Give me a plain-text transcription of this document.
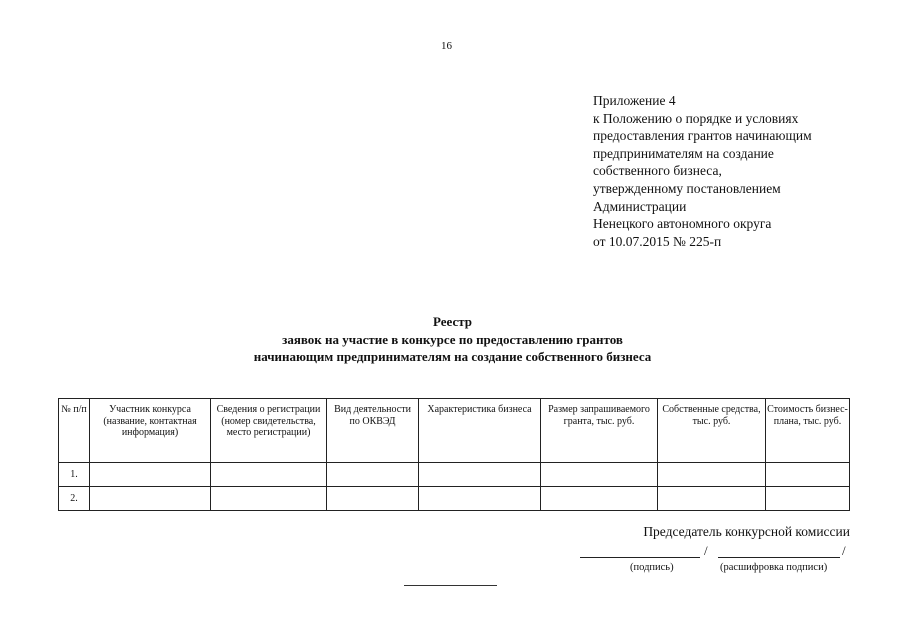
16
Приложение 4
к Положению о порядке и условиях
предоставления грантов начинающим
предпринимателям на создание
собственного бизнеса,
утвержденному постановлением
Администрации
Ненецкого автономного округа
от 10.07.2015 № 225-п
Реестр
заявок на участие в конкурсе по предоставлению грантов
начинающим предпринимателям на создание собственного бизнеса
№ п/п	Участник конкурса (название, контактная информация)	Сведения о регистрации (номер свидетельства, место регистрации)	Вид деятельности по ОКВЭД	Характеристика бизнеса	Размер запрашиваемого гранта, тыс. руб.	Собственные средства, тыс. руб.	Стоимость бизнес-плана, тыс. руб.
1.							
2.							
Председатель конкурсной комиссии
/	/
(подпись)	(расшифровка подписи)
